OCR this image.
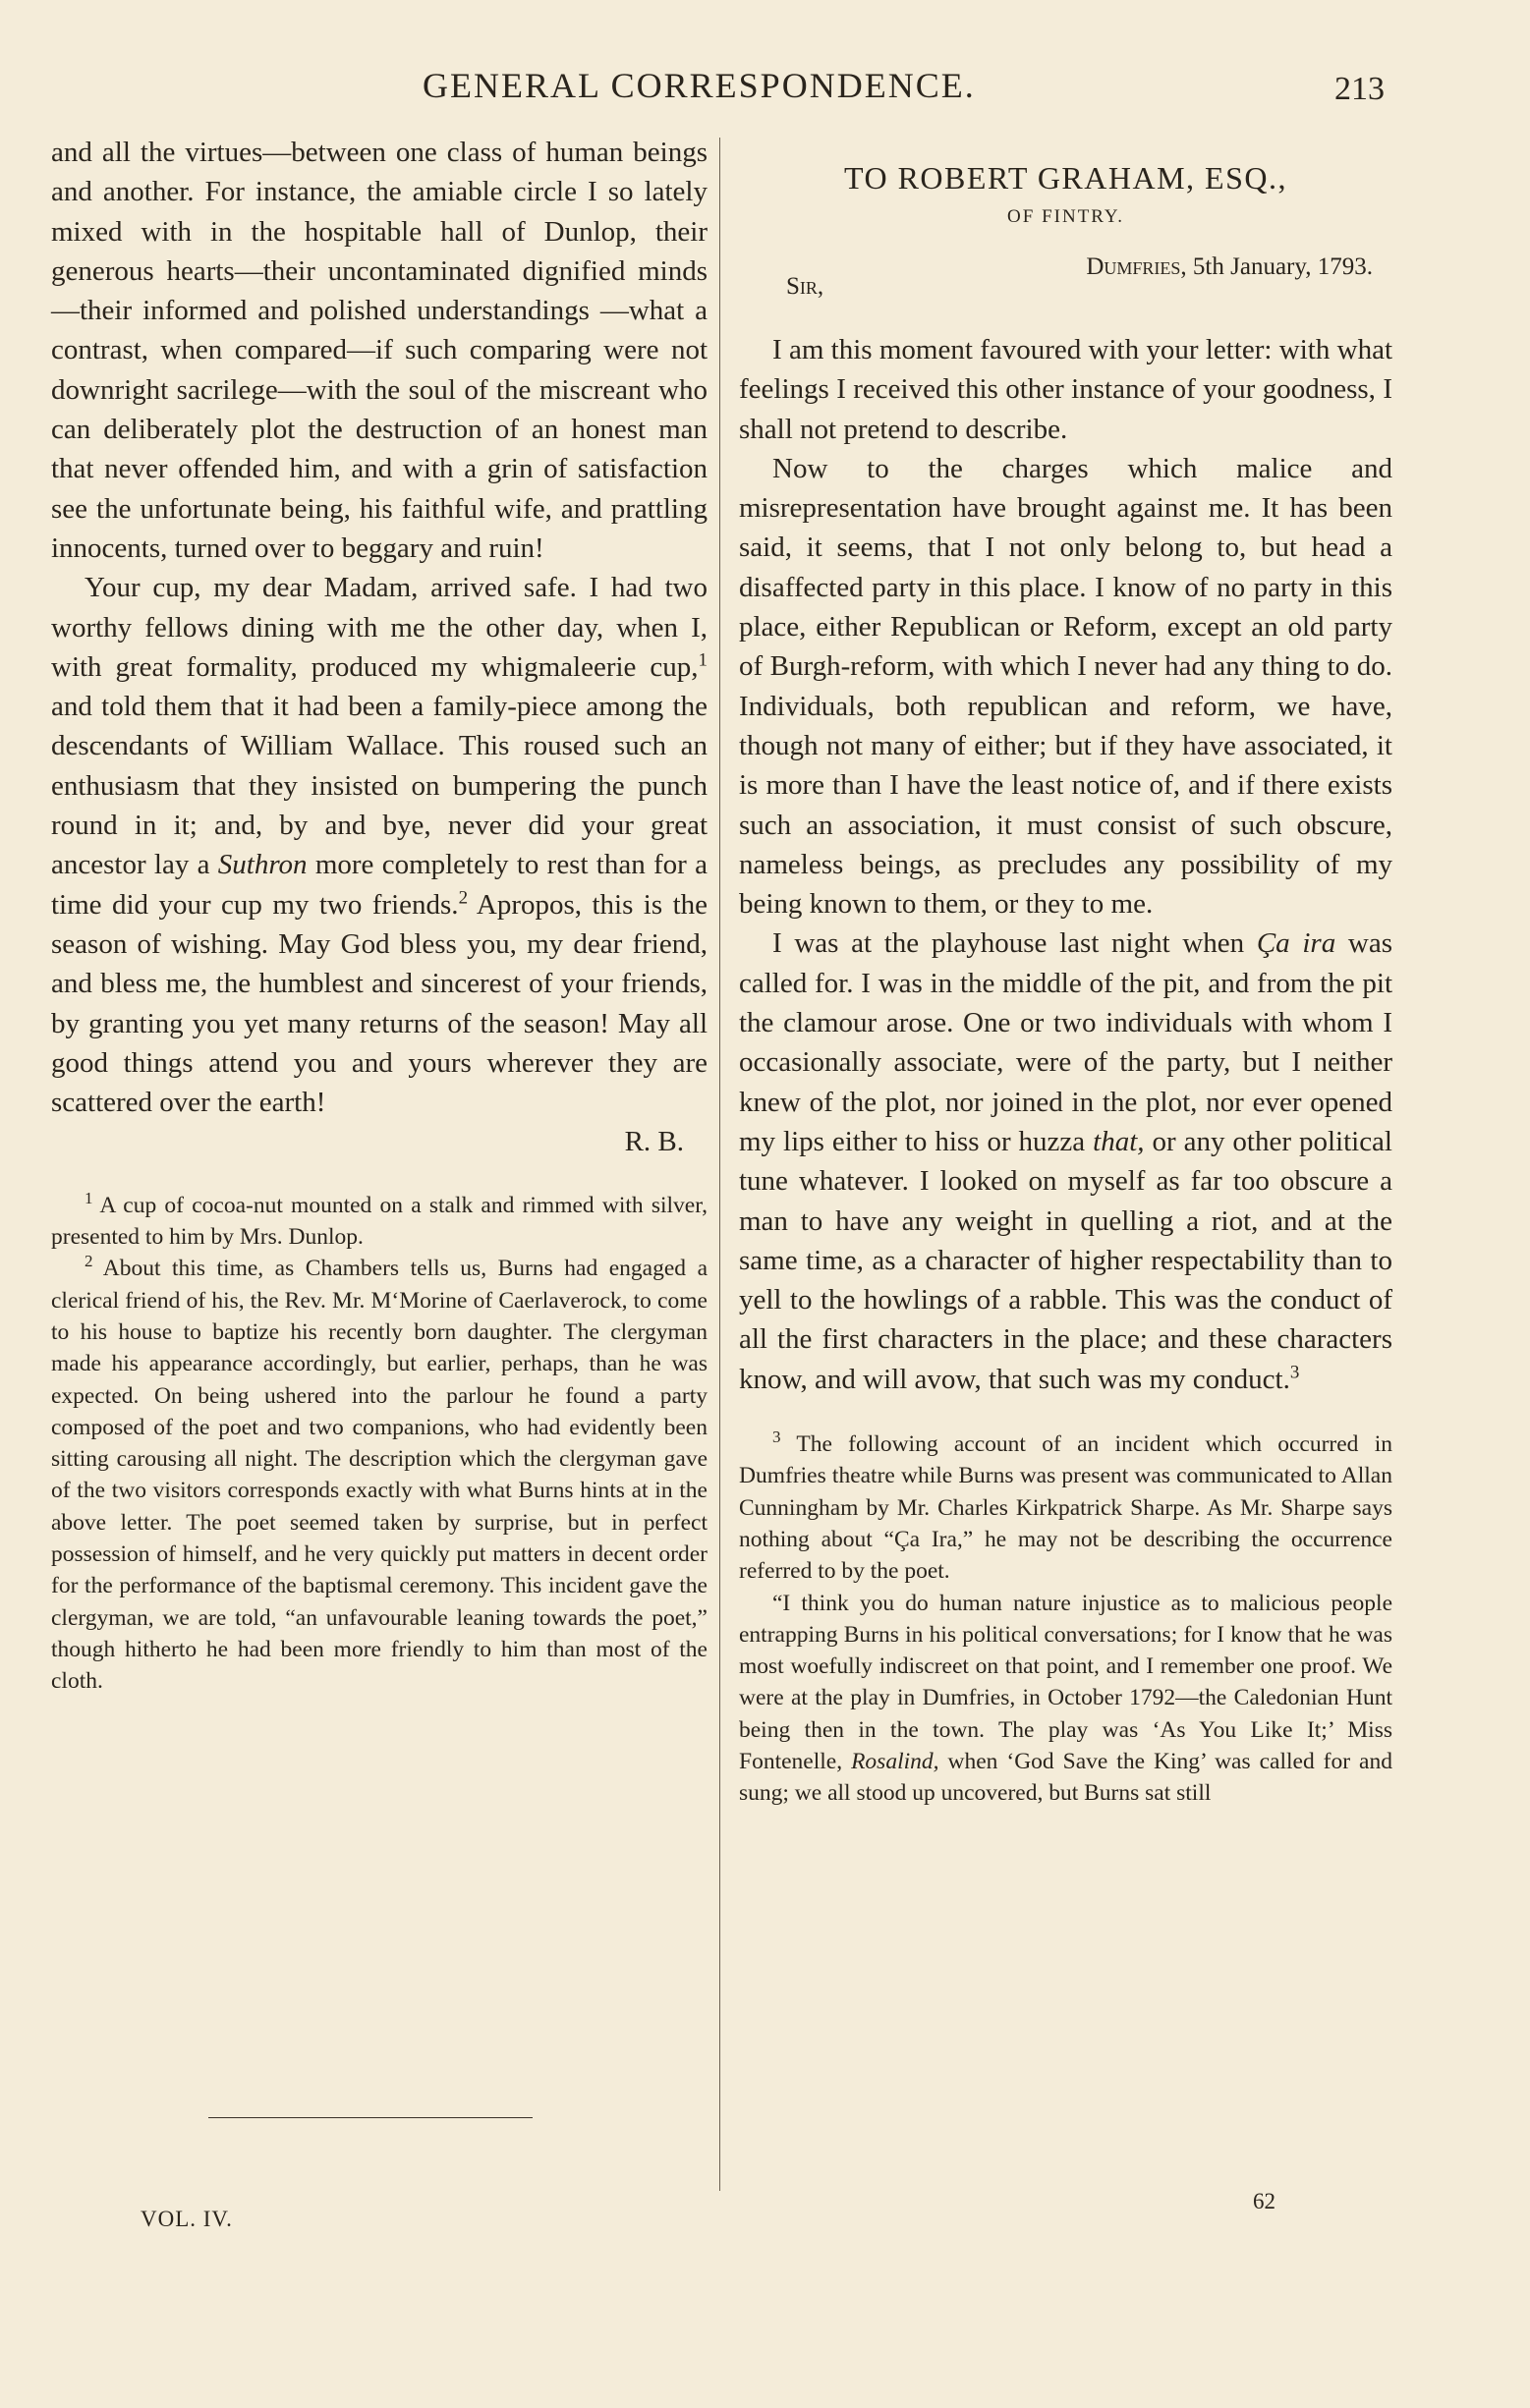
GENERAL CORRESPONDENCE.	213

and all the virtues—between one class of human beings and another. For instance, the amiable circle I so lately mixed with in the hospitable hall of Dunlop, their generous hearts—their uncontaminated dignified minds —their informed and polished understandings —what a contrast, when compared—if such comparing were not downright sacrilege—with the soul of the miscreant who can deliberately plot the destruction of an honest man that never offended him, and with a grin of satisfaction see the unfortunate being, his faithful wife, and prattling innocents, turned over to beggary and ruin!

Your cup, my dear Madam, arrived safe. I had two worthy fellows dining with me the other day, when I, with great formality, produced my whigmaleerie cup,$^1$ and told them that it had been a family-piece among the descendants of William Wallace. This roused such an enthusiasm that they insisted on bumpering the punch round in it; and, by and bye, never did your great ancestor lay a Suthron more completely to rest than for a time did your cup my two friends.$^2$ Apropos, this is the season of wishing. May God bless you, my dear friend, and bless me, the humblest and sincerest of your friends, by granting you yet many returns of the season! May all good things attend you and yours wherever they are scattered over the earth!

R. B.

$^1$ A cup of cocoa-nut mounted on a stalk and rimmed with silver, presented to him by Mrs. Dunlop.

$^2$ About this time, as Chambers tells us, Burns had engaged a clerical friend of his, the Rev. Mr. M‘Morine of Caerlaverock, to come to his house to baptize his recently born daughter. The clergyman made his appearance accordingly, but earlier, perhaps, than he was expected. On being ushered into the parlour he found a party composed of the poet and two companions, who had evidently been sitting carousing all night. The description which the clergyman gave of the two visitors corresponds exactly with what Burns hints at in the above letter. The poet seemed taken by surprise, but in perfect possession of himself, and he very quickly put matters in decent order for the performance of the baptismal ceremony. This incident gave the clergyman, we are told, “an unfavourable leaning towards the poet,” though hitherto he had been more friendly to him than most of the cloth.

TO ROBERT GRAHAM, ESQ.,
OF FINTRY.
Dumfries, 5th January, 1793.
Sir,

I am this moment favoured with your letter: with what feelings I received this other instance of your goodness, I shall not pretend to describe.

Now to the charges which malice and misrepresentation have brought against me. It has been said, it seems, that I not only belong to, but head a disaffected party in this place. I know of no party in this place, either Republican or Reform, except an old party of Burgh-reform, with which I never had any thing to do. Individuals, both republican and reform, we have, though not many of either; but if they have associated, it is more than I have the least notice of, and if there exists such an association, it must consist of such obscure, nameless beings, as precludes any possibility of my being known to them, or they to me.

I was at the playhouse last night when Ça ira was called for. I was in the middle of the pit, and from the pit the clamour arose. One or two individuals with whom I occasionally associate, were of the party, but I neither knew of the plot, nor joined in the plot, nor ever opened my lips either to hiss or huzza that, or any other political tune whatever. I looked on myself as far too obscure a man to have any weight in quelling a riot, and at the same time, as a character of higher respectability than to yell to the howlings of a rabble. This was the conduct of all the first characters in the place; and these characters know, and will avow, that such was my conduct.$^3$

$^3$ The following account of an incident which occurred in Dumfries theatre while Burns was present was communicated to Allan Cunningham by Mr. Charles Kirkpatrick Sharpe. As Mr. Sharpe says nothing about “Ça Ira,” he may not be describing the occurrence referred to by the poet.

“I think you do human nature injustice as to malicious people entrapping Burns in his political conversations; for I know that he was most woefully indiscreet on that point, and I remember one proof. We were at the play in Dumfries, in October 1792—the Caledonian Hunt being then in the town. The play was ‘As You Like It;’ Miss Fontenelle, Rosalind, when ‘God Save the King’ was called for and sung; we all stood up uncovered, but Burns sat still

VOL. IV.
62
